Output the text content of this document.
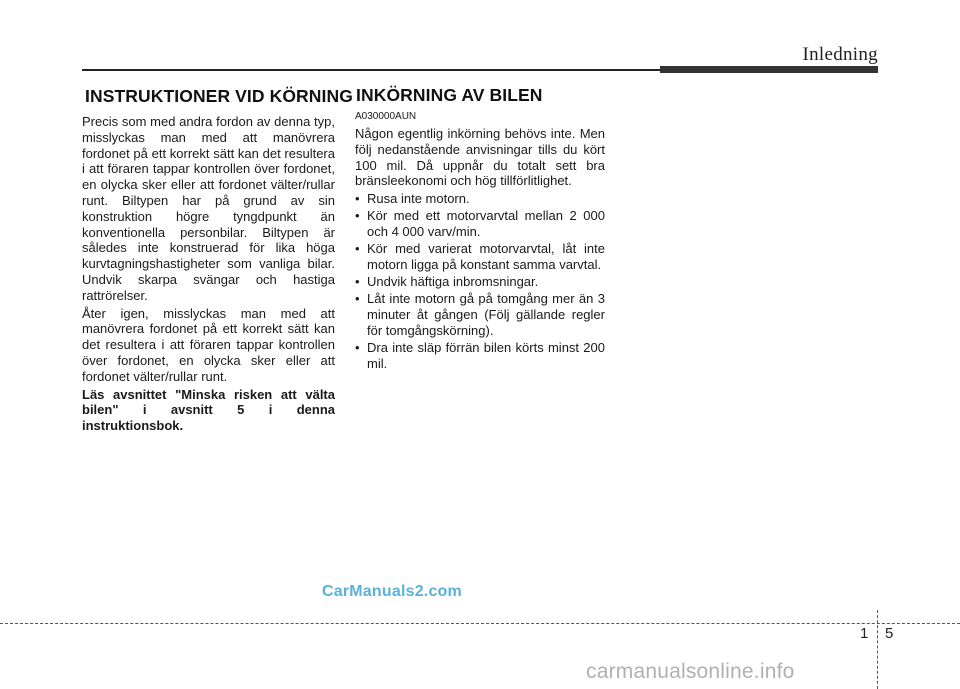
Inledning
INSTRUKTIONER VID KÖRNING INKÖRNING AV BILEN

Precis som med andra fordon av denna typ, misslyckas man med att manövrera fordonet på ett korrekt sätt kan det resultera i att föraren tappar kontrollen över fordonet, en olycka sker eller att fordonet välter/rullar runt. Biltypen har på grund av sin konstruktion högre tyngdpunkt än konventionella personbilar. Biltypen är således inte konstruerad för lika höga kurvtagningshastigheter som vanliga bilar. Undvik skarpa svängar och hastiga rattrörelser.

Åter igen, misslyckas man med att manövrera fordonet på ett korrekt sätt kan det resultera i att föraren tappar kontrollen över fordonet, en olycka sker eller att fordonet välter/rullar runt.

Läs avsnittet "Minska risken att välta bilen" i avsnitt 5 i denna instruktionsbok.

A030000AUN

Någon egentlig inkörning behövs inte. Men följ nedanstående anvisningar tills du kört 100 mil. Då uppnår du totalt sett bra bränsleekonomi och hög tillförlitlighet.

• Rusa inte motorn.
• Kör med ett motorvarvtal mellan 2 000 och 4 000 varv/min.
• Kör med varierat motorvarvtal, låt inte motorn ligga på konstant samma varvtal.
• Undvik häftiga inbromsningar.
• Låt inte motorn gå på tomgång mer än 3 minuter åt gången (Följ gällande regler för tomgångskörning).
• Dra inte släp förrän bilen körts minst 200 mil.
CarManuals2.com
1 5
carmanualsonline.info
